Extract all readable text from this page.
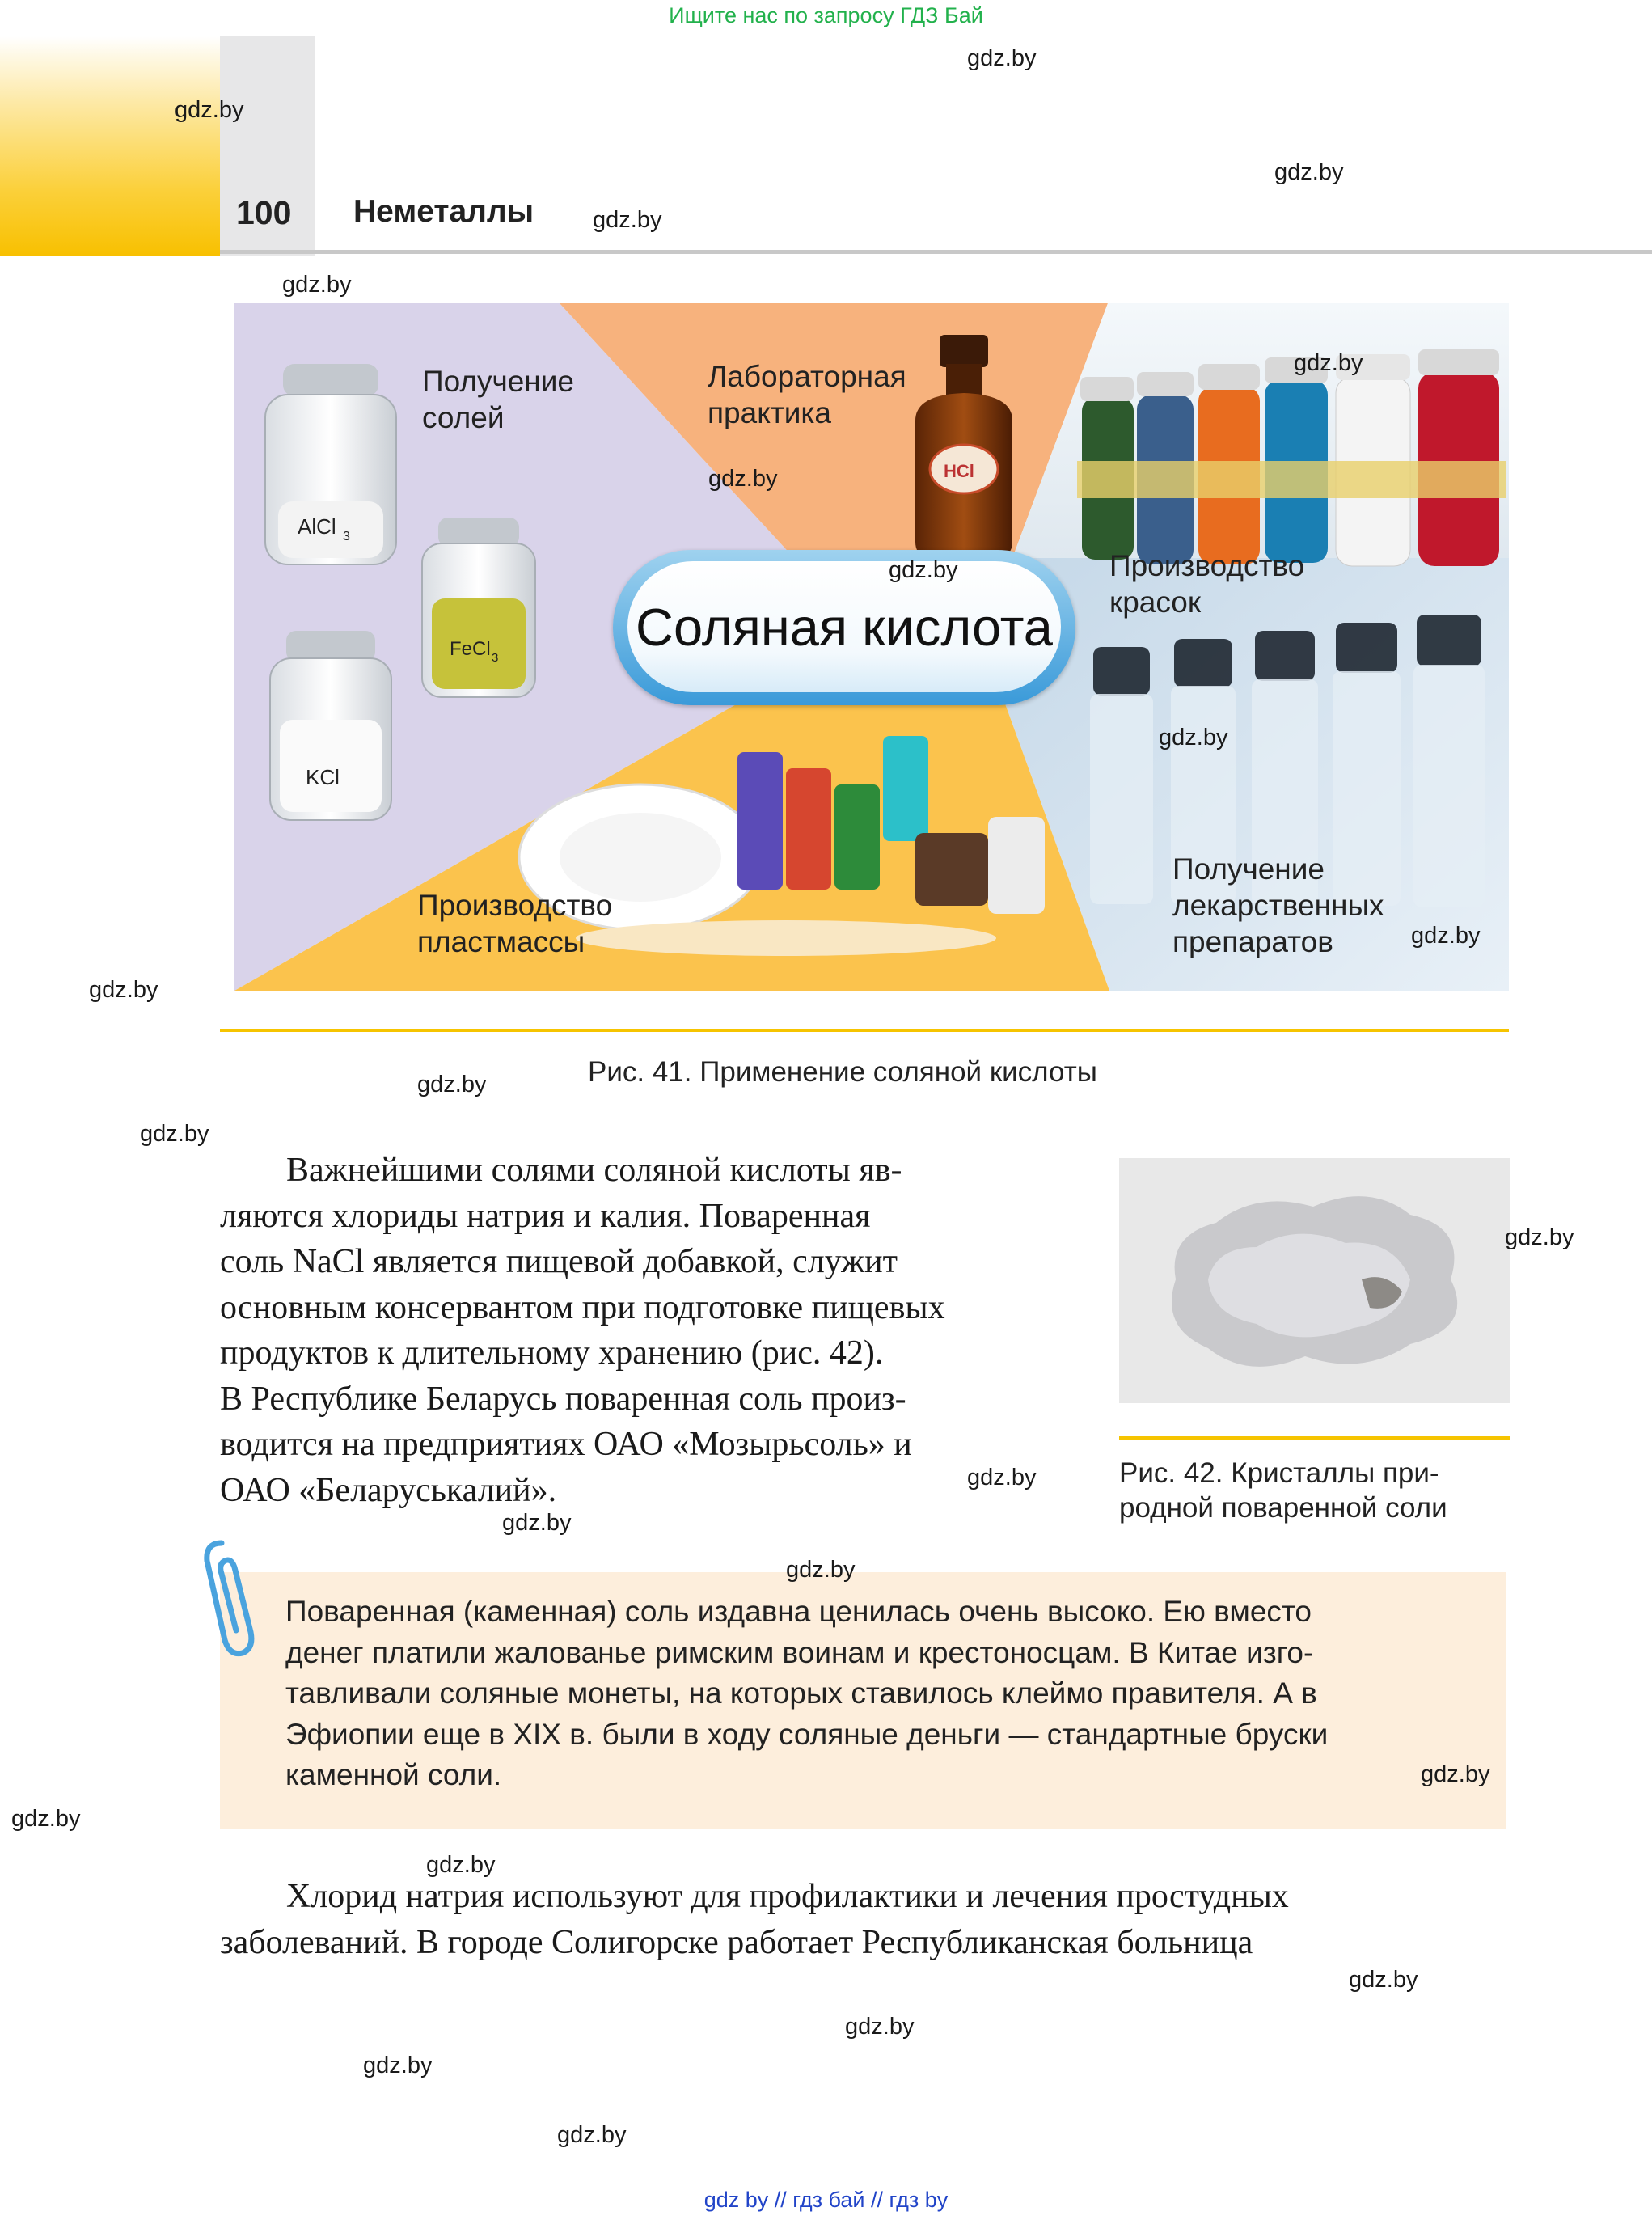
Ищите нас по запросу ГДЗ Бай
100 Неметаллы
AlCl 3
FeCl 3
KCl
HCl
Получение
солей
Лабораторная
практика
Производство
красок
Получение
лекарственных
препаратов
Производство
пластмассы
Соляная кислота
Рис. 41. Применение соляной кислоты
Важнейшими солями соляной кислоты яв-
ляются хлориды натрия и калия. Поваренная
соль NaCl является пищевой добавкой, служит
основным консервантом при подготовке пищевых
продуктов к длительному хранению (рис. 42).
В Республике Беларусь поваренная соль произ-
водится на предприятиях ОАО «Мозырьсоль» и
ОАО «Беларуськалий».	Рис. 42. Кристаллы при-
родной поваренной соли
Поваренная (каменная) соль издавна ценилась очень высоко. Ею вместо
денег платили жалованье римским воинам и крестоносцам. В Китае изго-
тавливали соляные монеты, на которых ставилось клеймо правителя. А в
Эфиопии еще в XIX в. были в ходу соляные деньги — стандартные бруски
каменной соли.
Хлорид натрия используют для профилактики и лечения простудных
заболеваний. В городе Солигорске работает Республиканская больница
gdz.by
gdz.by
gdz.by
gdz.by
gdz.by
gdz.by
gdz.by
gdz.by
gdz.by
gdz.by
gdz.by
gdz.by
gdz.by
gdz.by
gdz.by
gdz.by
gdz.by
gdz.by
gdz.by
gdz.by
gdz.by
gdz.by
gdz.by
gdz.by
gdz by // гдз бай // гдз by
